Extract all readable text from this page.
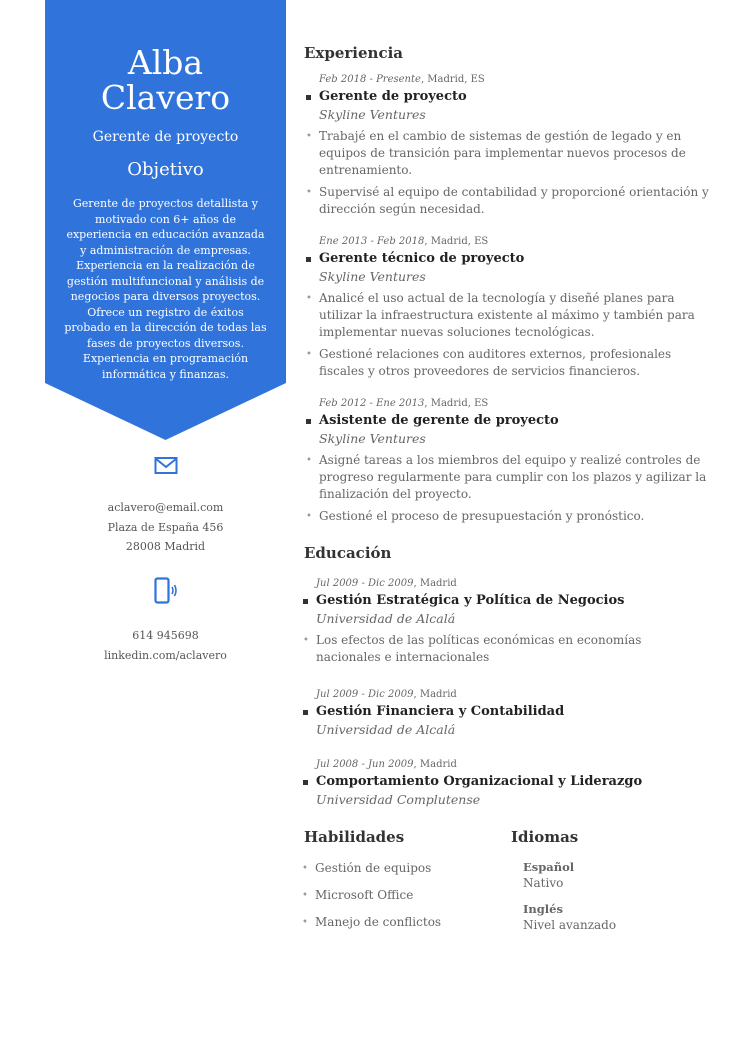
Alba
Clavero
Gerente de proyecto
Objetivo
Gerente de proyectos detallista y motivado con 6+ años de experiencia en educación avanzada y administración de empresas. Experiencia en la realización de gestión multifuncional y análisis de negocios para diversos proyectos. Ofrece un registro de éxitos probado en la dirección de todas las fases de proyectos diversos. Experiencia en programación informática y finanzas.
aclavero@email.com
Plaza de España 456
28008 Madrid
614 945698
linkedin.com/aclavero
Experiencia
Feb 2018 - Presente, Madrid, ES
Gerente de proyecto
Skyline Ventures
• Trabajé en el cambio de sistemas de gestión de legado y en equipos de transición para implementar nuevos procesos de entrenamiento.
• Supervisé al equipo de contabilidad y proporcioné orientación y dirección según necesidad.
Ene 2013 - Feb 2018, Madrid, ES
Gerente técnico de proyecto
Skyline Ventures
• Analicé el uso actual de la tecnología y diseñé planes para utilizar la infraestructura existente al máximo y también para implementar nuevas soluciones tecnológicas.
• Gestioné relaciones con auditores externos, profesionales fiscales y otros proveedores de servicios financieros.
Feb 2012 - Ene 2013, Madrid, ES
Asistente de gerente de proyecto
Skyline Ventures
• Asigné tareas a los miembros del equipo y realizé controles de progreso regularmente para cumplir con los plazos y agilizar la finalización del proyecto.
• Gestioné el proceso de presupuestación y pronóstico.
Educación
Jul 2009 - Dic 2009, Madrid
Gestión Estratégica y Política de Negocios
Universidad de Alcalá
• Los efectos de las políticas económicas en economías nacionales e internacionales
Jul 2009 - Dic 2009, Madrid
Gestión Financiera y Contabilidad
Universidad de Alcalá
Jul 2008 - Jun 2009, Madrid
Comportamiento Organizacional y Liderazgo
Universidad Complutense
Habilidades
• Gestión de equipos
• Microsoft Office
• Manejo de conflictos
Idiomas
Español
Nativo
Inglés
Nivel avanzado
